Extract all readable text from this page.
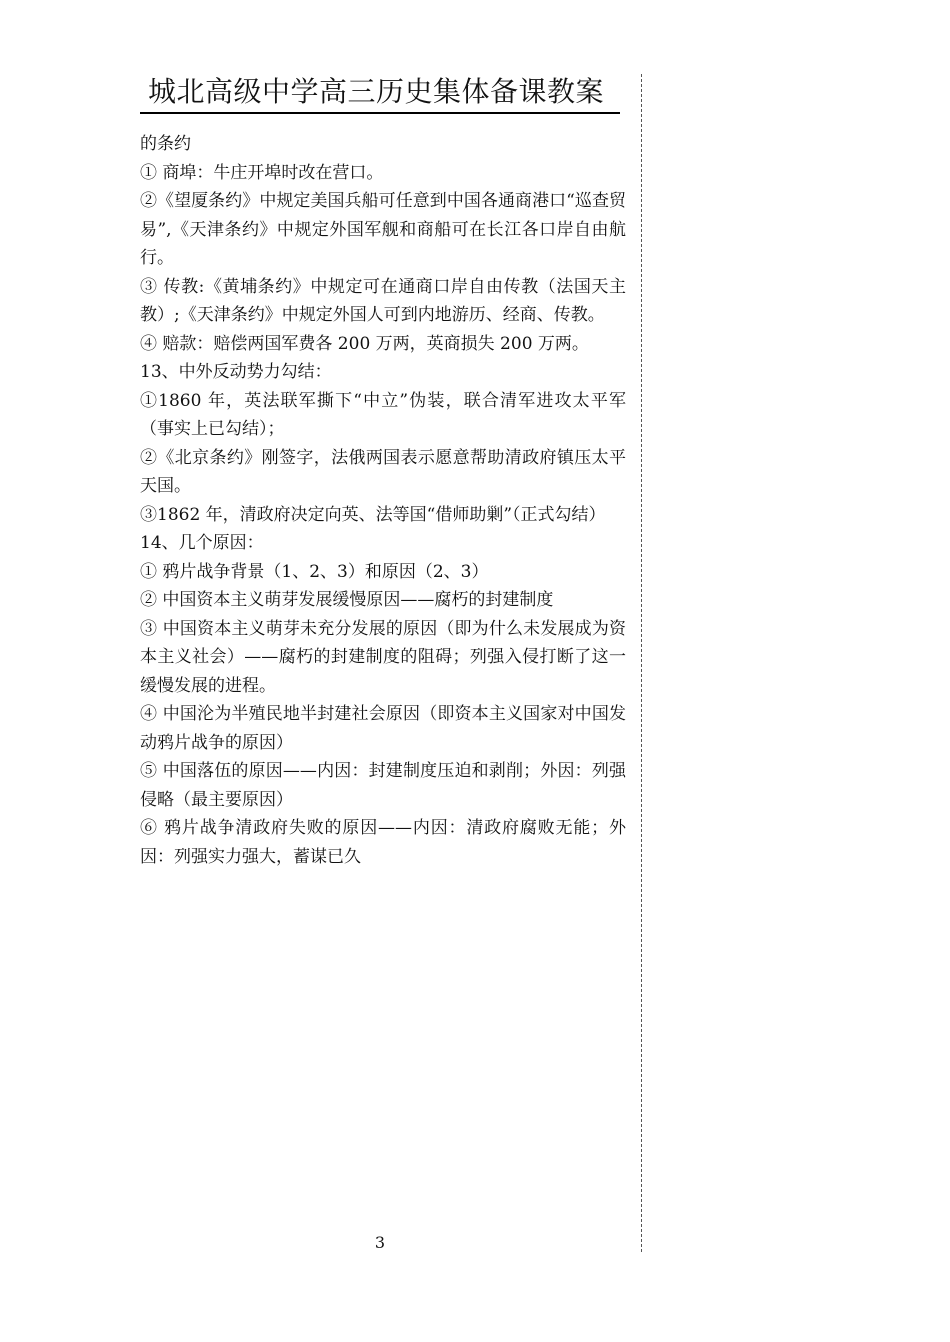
城北高级中学高三历史集体备课教案

的条约

① 商埠：牛庄开埠时改在营口。

②《望厦条约》中规定美国兵船可任意到中国各通商港口“巡查贸易”,《天津条约》中规定外国军舰和商船可在长江各口岸自由航行。

③ 传教:《黄埔条约》中规定可在通商口岸自由传教（法国天主教）;《天津条约》中规定外国人可到内地游历、经商、传教。

④ 赔款：赔偿两国军费各 200 万两，英商损失 200 万两。

13、中外反动势力勾结：

①1860 年，英法联军撕下“中立”伪装，联合清军进攻太平军（事实上已勾结）；

②《北京条约》刚签字，法俄两国表示愿意帮助清政府镇压太平天国。

③1862 年，清政府决定向英、法等国“借师助剿”（正式勾结）

14、几个原因：

① 鸦片战争背景（1、2、3）和原因（2、3）

② 中国资本主义萌芽发展缓慢原因——腐朽的封建制度

③ 中国资本主义萌芽未充分发展的原因（即为什么未发展成为资本主义社会）——腐朽的封建制度的阻碍；列强入侵打断了这一缓慢发展的进程。

④ 中国沦为半殖民地半封建社会原因（即资本主义国家对中国发动鸦片战争的原因）

⑤ 中国落伍的原因——内因：封建制度压迫和剥削；外因：列强侵略（最主要原因）

⑥ 鸦片战争清政府失败的原因——内因：清政府腐败无能；外因：列强实力强大，蓄谋已久

3
